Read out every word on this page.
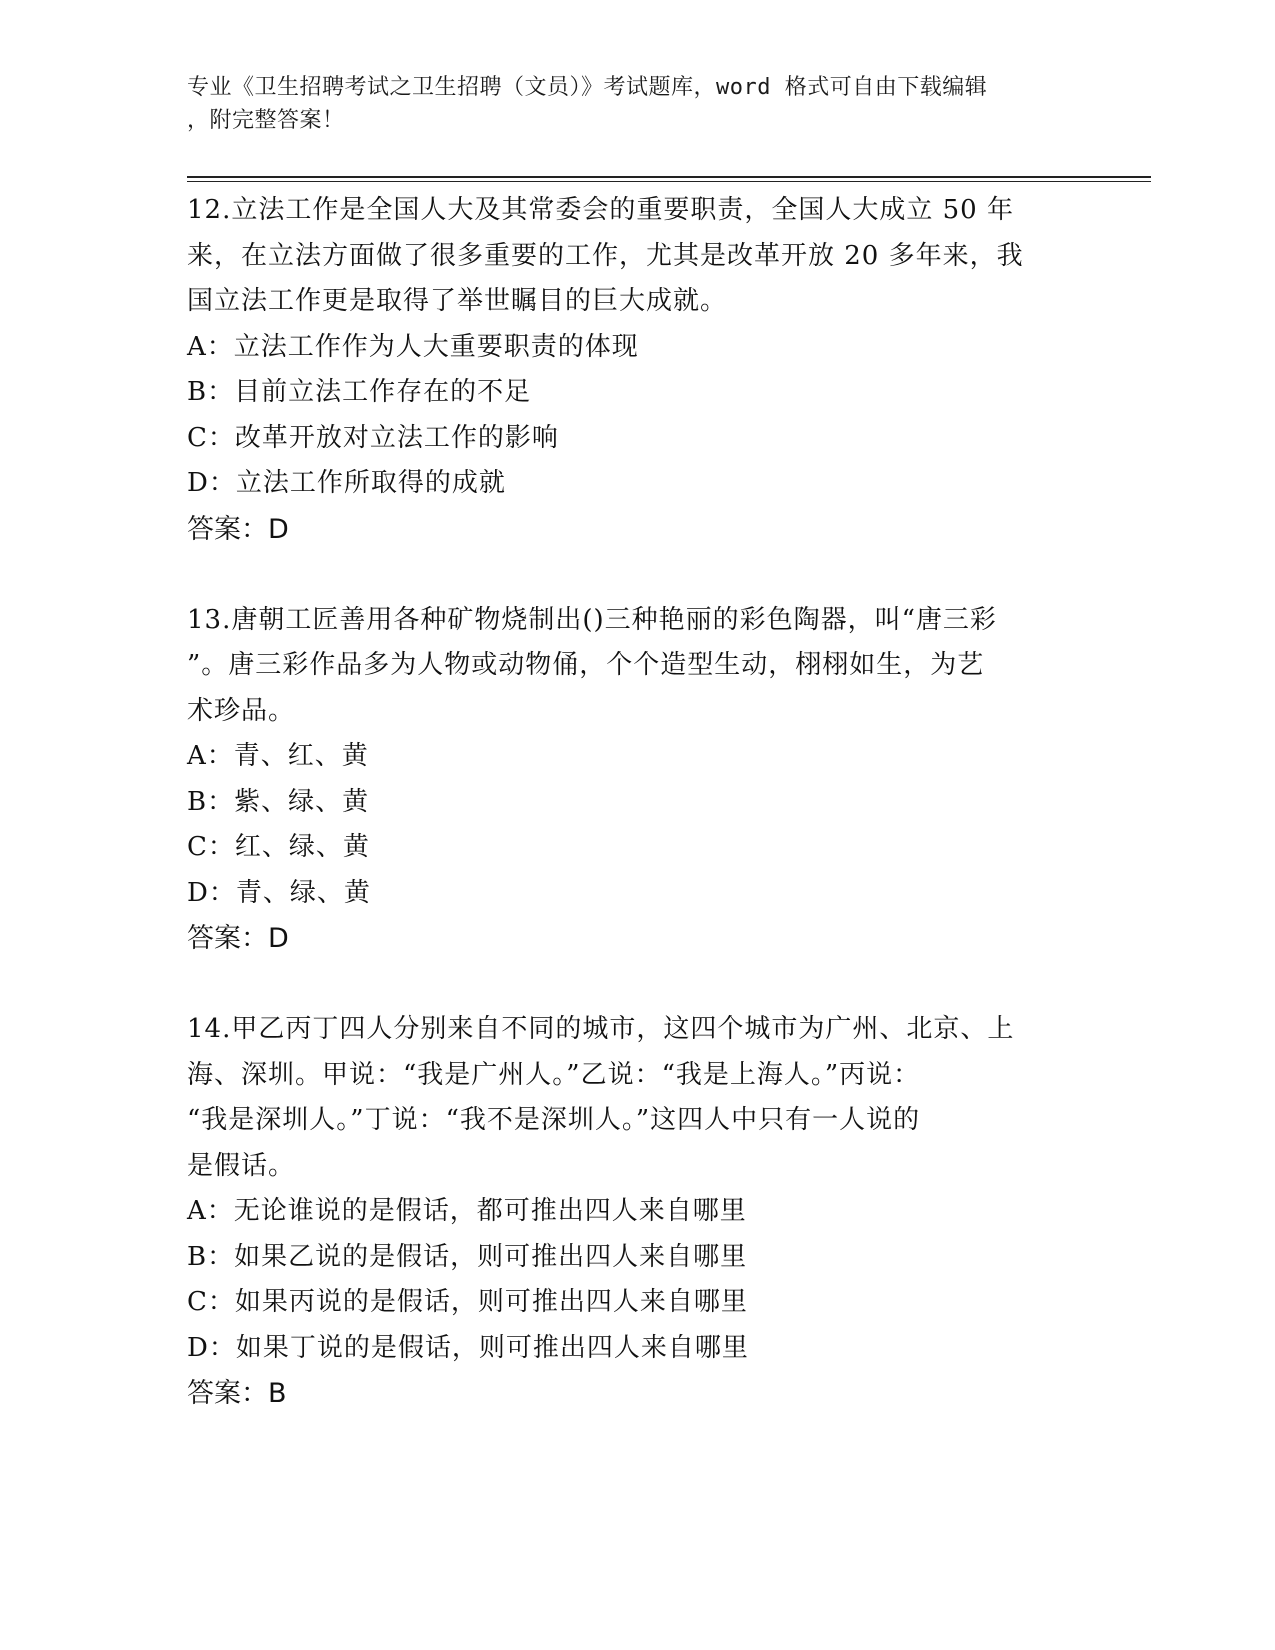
专业《卫生招聘考试之卫生招聘（文员）》考试题库，word 格式可自由下载编辑
，附完整答案！
12.立法工作是全国人大及其常委会的重要职责，全国人大成立 50 年
来，在立法方面做了很多重要的工作，尤其是改革开放 20 多年来，我
国立法工作更是取得了举世瞩目的巨大成就。
A：立法工作作为人大重要职责的体现
B：目前立法工作存在的不足
C：改革开放对立法工作的影响
D：立法工作所取得的成就
答案：D
13.唐朝工匠善用各种矿物烧制出()三种艳丽的彩色陶器，叫“唐三彩
”。唐三彩作品多为人物或动物俑，个个造型生动，栩栩如生，为艺
术珍品。
A：青、红、黄
B：紫、绿、黄
C：红、绿、黄
D：青、绿、黄
答案：D
14.甲乙丙丁四人分别来自不同的城市，这四个城市为广州、北京、上
海、深圳。甲说：“我是广州人。”乙说：“我是上海人。”丙说：
“我是深圳人。”丁说：“我不是深圳人。”这四人中只有一人说的
是假话。
A：无论谁说的是假话，都可推出四人来自哪里
B：如果乙说的是假话，则可推出四人来自哪里
C：如果丙说的是假话，则可推出四人来自哪里
D：如果丁说的是假话，则可推出四人来自哪里
答案：B
